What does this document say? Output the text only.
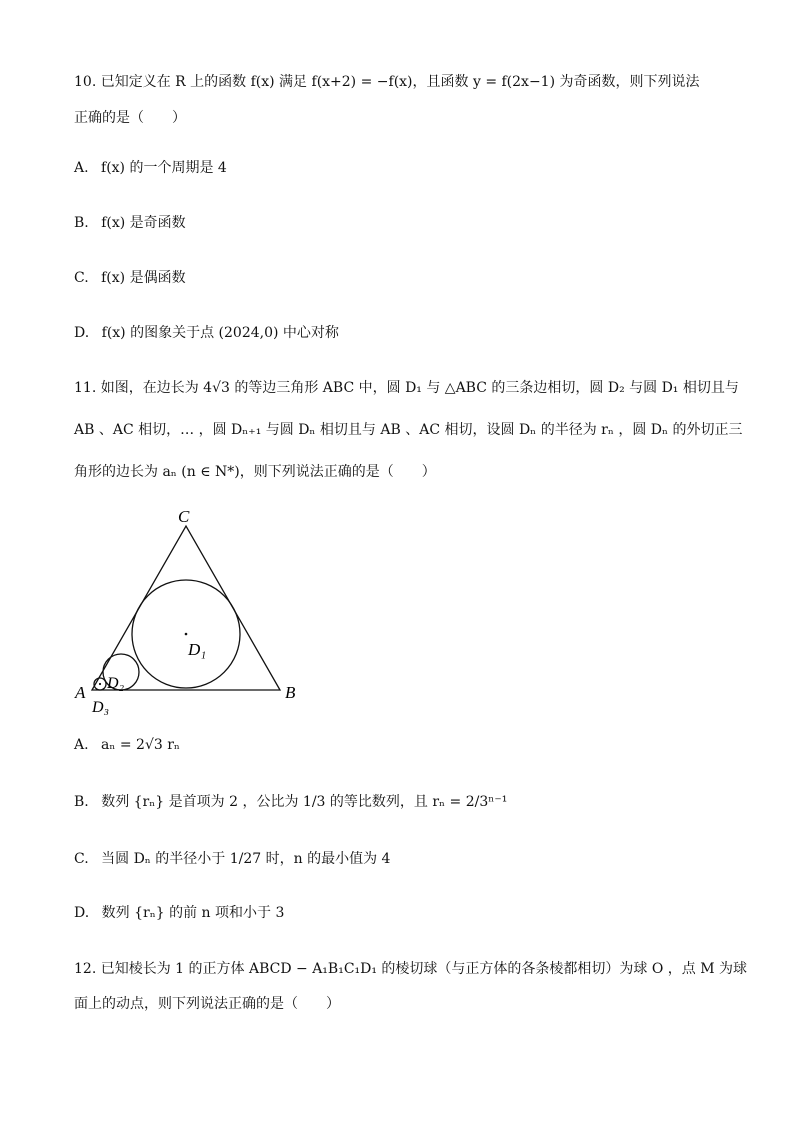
10. 已知定义在 R 上的函数 f(x) 满足 f(x+2) = −f(x)，且函数 y = f(2x−1) 为奇函数，则下列说法
正确的是（　　）
A. f(x) 的一个周期是 4
B. f(x) 是奇函数
C. f(x) 是偶函数
D. f(x) 的图象关于点 (2024,0) 中心对称
11. 如图，在边长为 4√3 的等边三角形 ABC 中，圆 D₁ 与 △ABC 的三条边相切，圆 D₂ 与圆 D₁ 相切且与
AB 、AC 相切，… ，圆 Dₙ₊₁ 与圆 Dₙ 相切且与 AB 、AC 相切，设圆 Dₙ 的半径为 rₙ ，圆 Dₙ 的外切正三
角形的边长为 aₙ (n ∈ N*)，则下列说法正确的是（　　）
C
A	B
D₁
D₂
D₃
A. aₙ = 2√3 rₙ
B. 数列 {rₙ} 是首项为 2 ，公比为 1/3 的等比数列，且 rₙ = 2/3ⁿ⁻¹
C. 当圆 Dₙ 的半径小于 1/27 时，n 的最小值为 4
D. 数列 {rₙ} 的前 n 项和小于 3
12. 已知棱长为 1 的正方体 ABCD − A₁B₁C₁D₁ 的棱切球（与正方体的各条棱都相切）为球 O ，点 M 为球
面上的动点，则下列说法正确的是（　　）
